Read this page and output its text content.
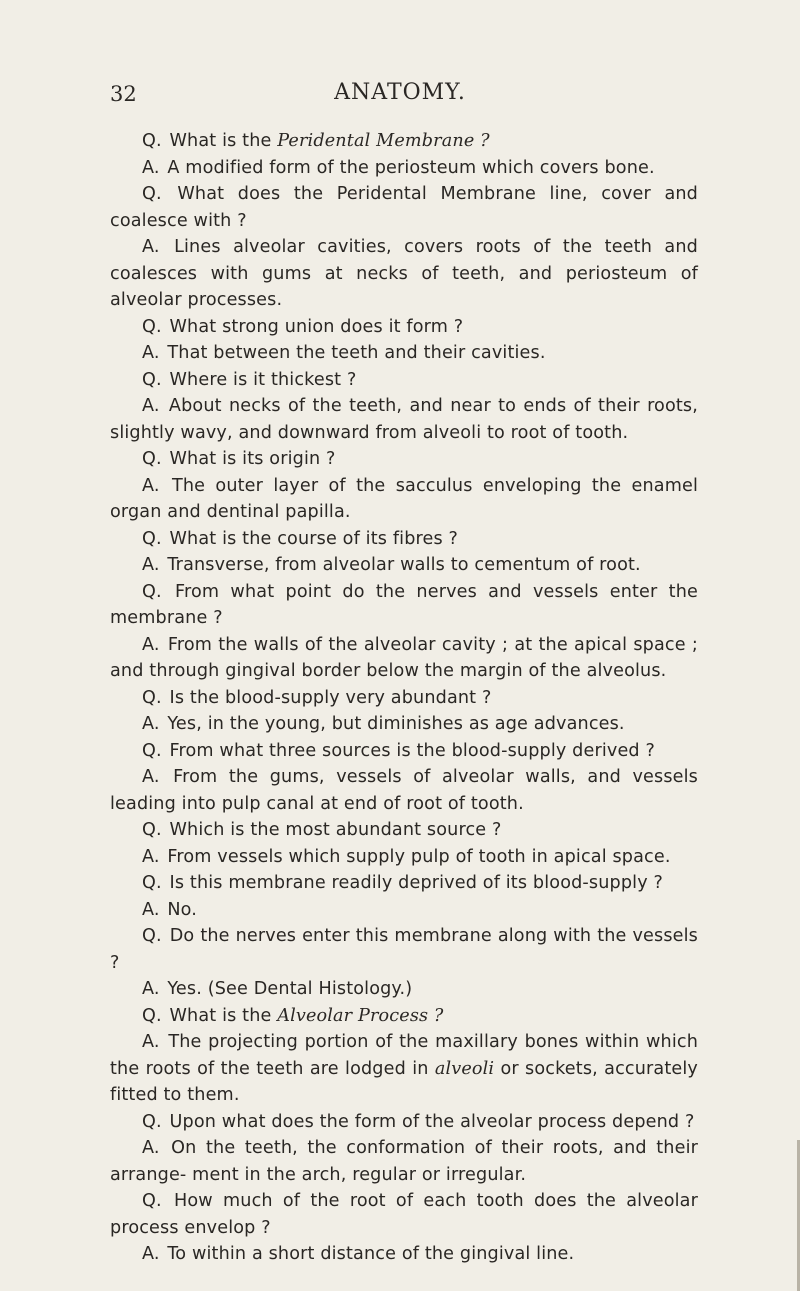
32	ANATOMY.

Q. What is the Peridental Membrane ?

A. A modified form of the periosteum which covers bone.

Q. What does the Peridental Membrane line, cover and coalesce with ?

A. Lines alveolar cavities, covers roots of the teeth and coalesces with gums at necks of teeth, and periosteum of alveolar processes.

Q. What strong union does it form ?

A. That between the teeth and their cavities.

Q. Where is it thickest ?

A. About necks of the teeth, and near to ends of their roots, slightly wavy, and downward from alveoli to root of tooth.

Q. What is its origin ?

A. The outer layer of the sacculus enveloping the enamel organ and dentinal papilla.

Q. What is the course of its fibres ?

A. Transverse, from alveolar walls to cementum of root.

Q. From what point do the nerves and vessels enter the membrane ?

A. From the walls of the alveolar cavity ; at the apical space ; and through gingival border below the margin of the alveolus.

Q. Is the blood-supply very abundant ?

A. Yes, in the young, but diminishes as age advances.

Q. From what three sources is the blood-supply derived ?

A. From the gums, vessels of alveolar walls, and vessels leading into pulp canal at end of root of tooth.

Q. Which is the most abundant source ?

A. From vessels which supply pulp of tooth in apical space.

Q. Is this membrane readily deprived of its blood-supply ?

A. No.

Q. Do the nerves enter this membrane along with the vessels ?

A. Yes. (See Dental Histology.)

Q. What is the Alveolar Process ?

A. The projecting portion of the maxillary bones within which the roots of the teeth are lodged in alveoli or sockets, accurately fitted to them.

Q. Upon what does the form of the alveolar process depend ?

A. On the teeth, the conformation of their roots, and their arrange- ment in the arch, regular or irregular.

Q. How much of the root of each tooth does the alveolar process envelop ?

A. To within a short distance of the gingival line.
